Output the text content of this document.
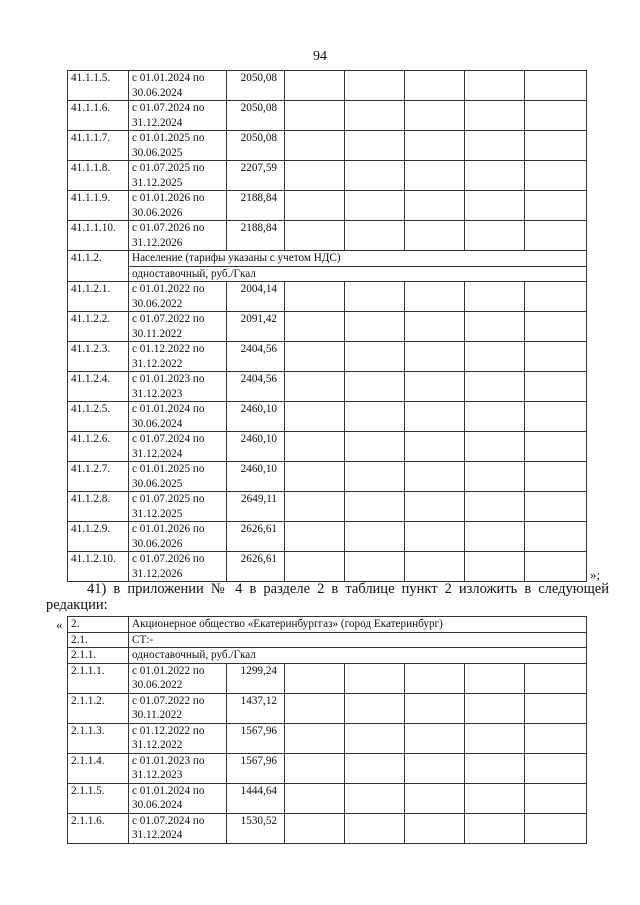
94
41.1.1.5.	с 01.01.2024 по 30.06.2024	2050,08					
41.1.1.6.	с 01.07.2024 по 31.12.2024	2050,08					
41.1.1.7.	с 01.01.2025 по 30.06.2025	2050,08					
41.1.1.8.	с 01.07.2025 по 31.12.2025	2207,59					
41.1.1.9.	с 01.01.2026 по 30.06.2026	2188,84					
41.1.1.10.	с 01.07.2026 по 31.12.2026	2188,84					
41.1.2.	Население (тарифы указаны с учетом НДС)						
	одноставочный, руб./Гкал						
41.1.2.1.	с 01.01.2022 по 30.06.2022	2004,14					
41.1.2.2.	с 01.07.2022 по 30.11.2022	2091,42					
41.1.2.3.	с 01.12.2022 по 31.12.2022	2404,56					
41.1.2.4.	с 01.01.2023 по 31.12.2023	2404,56					
41.1.2.5.	с 01.01.2024 по 30.06.2024	2460,10					
41.1.2.6.	с 01.07.2024 по 31.12.2024	2460,10					
41.1.2.7.	с 01.01.2025 по 30.06.2025	2460,10					
41.1.2.8.	с 01.07.2025 по 31.12.2025	2649,11					
41.1.2.9.	с 01.01.2026 по 30.06.2026	2626,61					
41.1.2.10.	с 01.07.2026 по 31.12.2026	2626,61					
»;
41) в приложении № 4 в разделе 2 в таблице пункт 2 изложить в следующей редакции:
« 2.	Акционерное общество «Екатеринбурггаз» (город Екатеринбург)						
2.1.	СТ:-						
2.1.1.	одноставочный, руб./Гкал						
2.1.1.1.	с 01.01.2022 по 30.06.2022	1299,24					
2.1.1.2.	с 01.07.2022 по 30.11.2022	1437,12					
2.1.1.3.	с 01.12.2022 по 31.12.2022	1567,96					
2.1.1.4.	с 01.01.2023 по 31.12.2023	1567,96					
2.1.1.5.	с 01.01.2024 по 30.06.2024	1444,64					
2.1.1.6.	с 01.07.2024 по 31.12.2024	1530,52					
